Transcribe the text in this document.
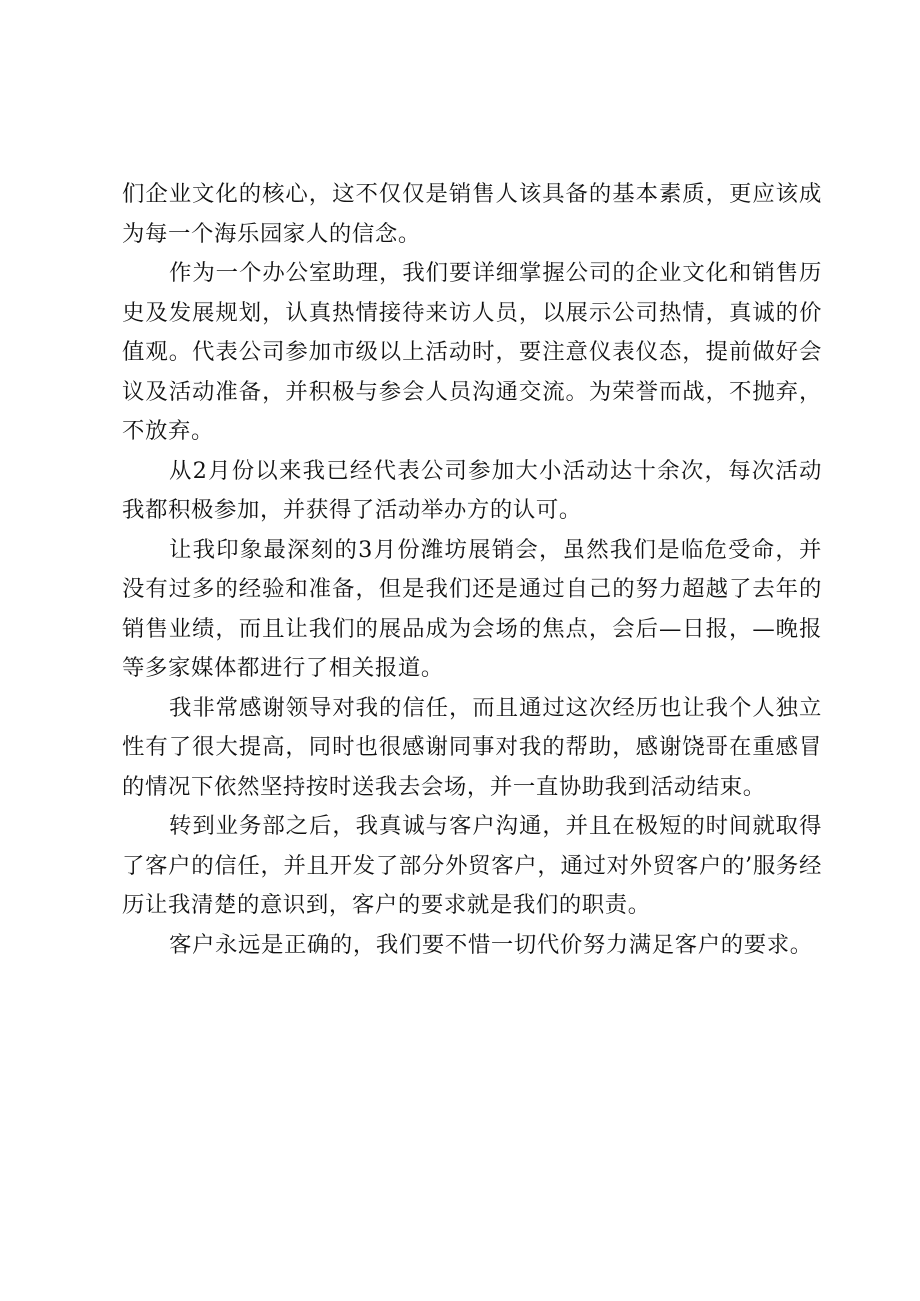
们企业文化的核心，这不仅仅是销售人该具备的基本素质，更应该成为每一个海乐园家人的信念。

作为一个办公室助理，我们要详细掌握公司的企业文化和销售历史及发展规划，认真热情接待来访人员，以展示公司热情，真诚的价值观。代表公司参加市级以上活动时，要注意仪表仪态，提前做好会议及活动准备，并积极与参会人员沟通交流。为荣誉而战，不抛弃，不放弃。

从2月份以来我已经代表公司参加大小活动达十余次，每次活动我都积极参加，并获得了活动举办方的认可。

让我印象最深刻的3月份潍坊展销会，虽然我们是临危受命，并没有过多的经验和准备，但是我们还是通过自己的努力超越了去年的销售业绩，而且让我们的展品成为会场的焦点，会后—日报，—晚报等多家媒体都进行了相关报道。

我非常感谢领导对我的信任，而且通过这次经历也让我个人独立性有了很大提高，同时也很感谢同事对我的帮助，感谢饶哥在重感冒的情况下依然坚持按时送我去会场，并一直协助我到活动结束。

转到业务部之后，我真诚与客户沟通，并且在极短的时间就取得了客户的信任，并且开发了部分外贸客户，通过对外贸客户的’服务经历让我清楚的意识到，客户的要求就是我们的职责。

客户永远是正确的，我们要不惜一切代价努力满足客户的要求。
